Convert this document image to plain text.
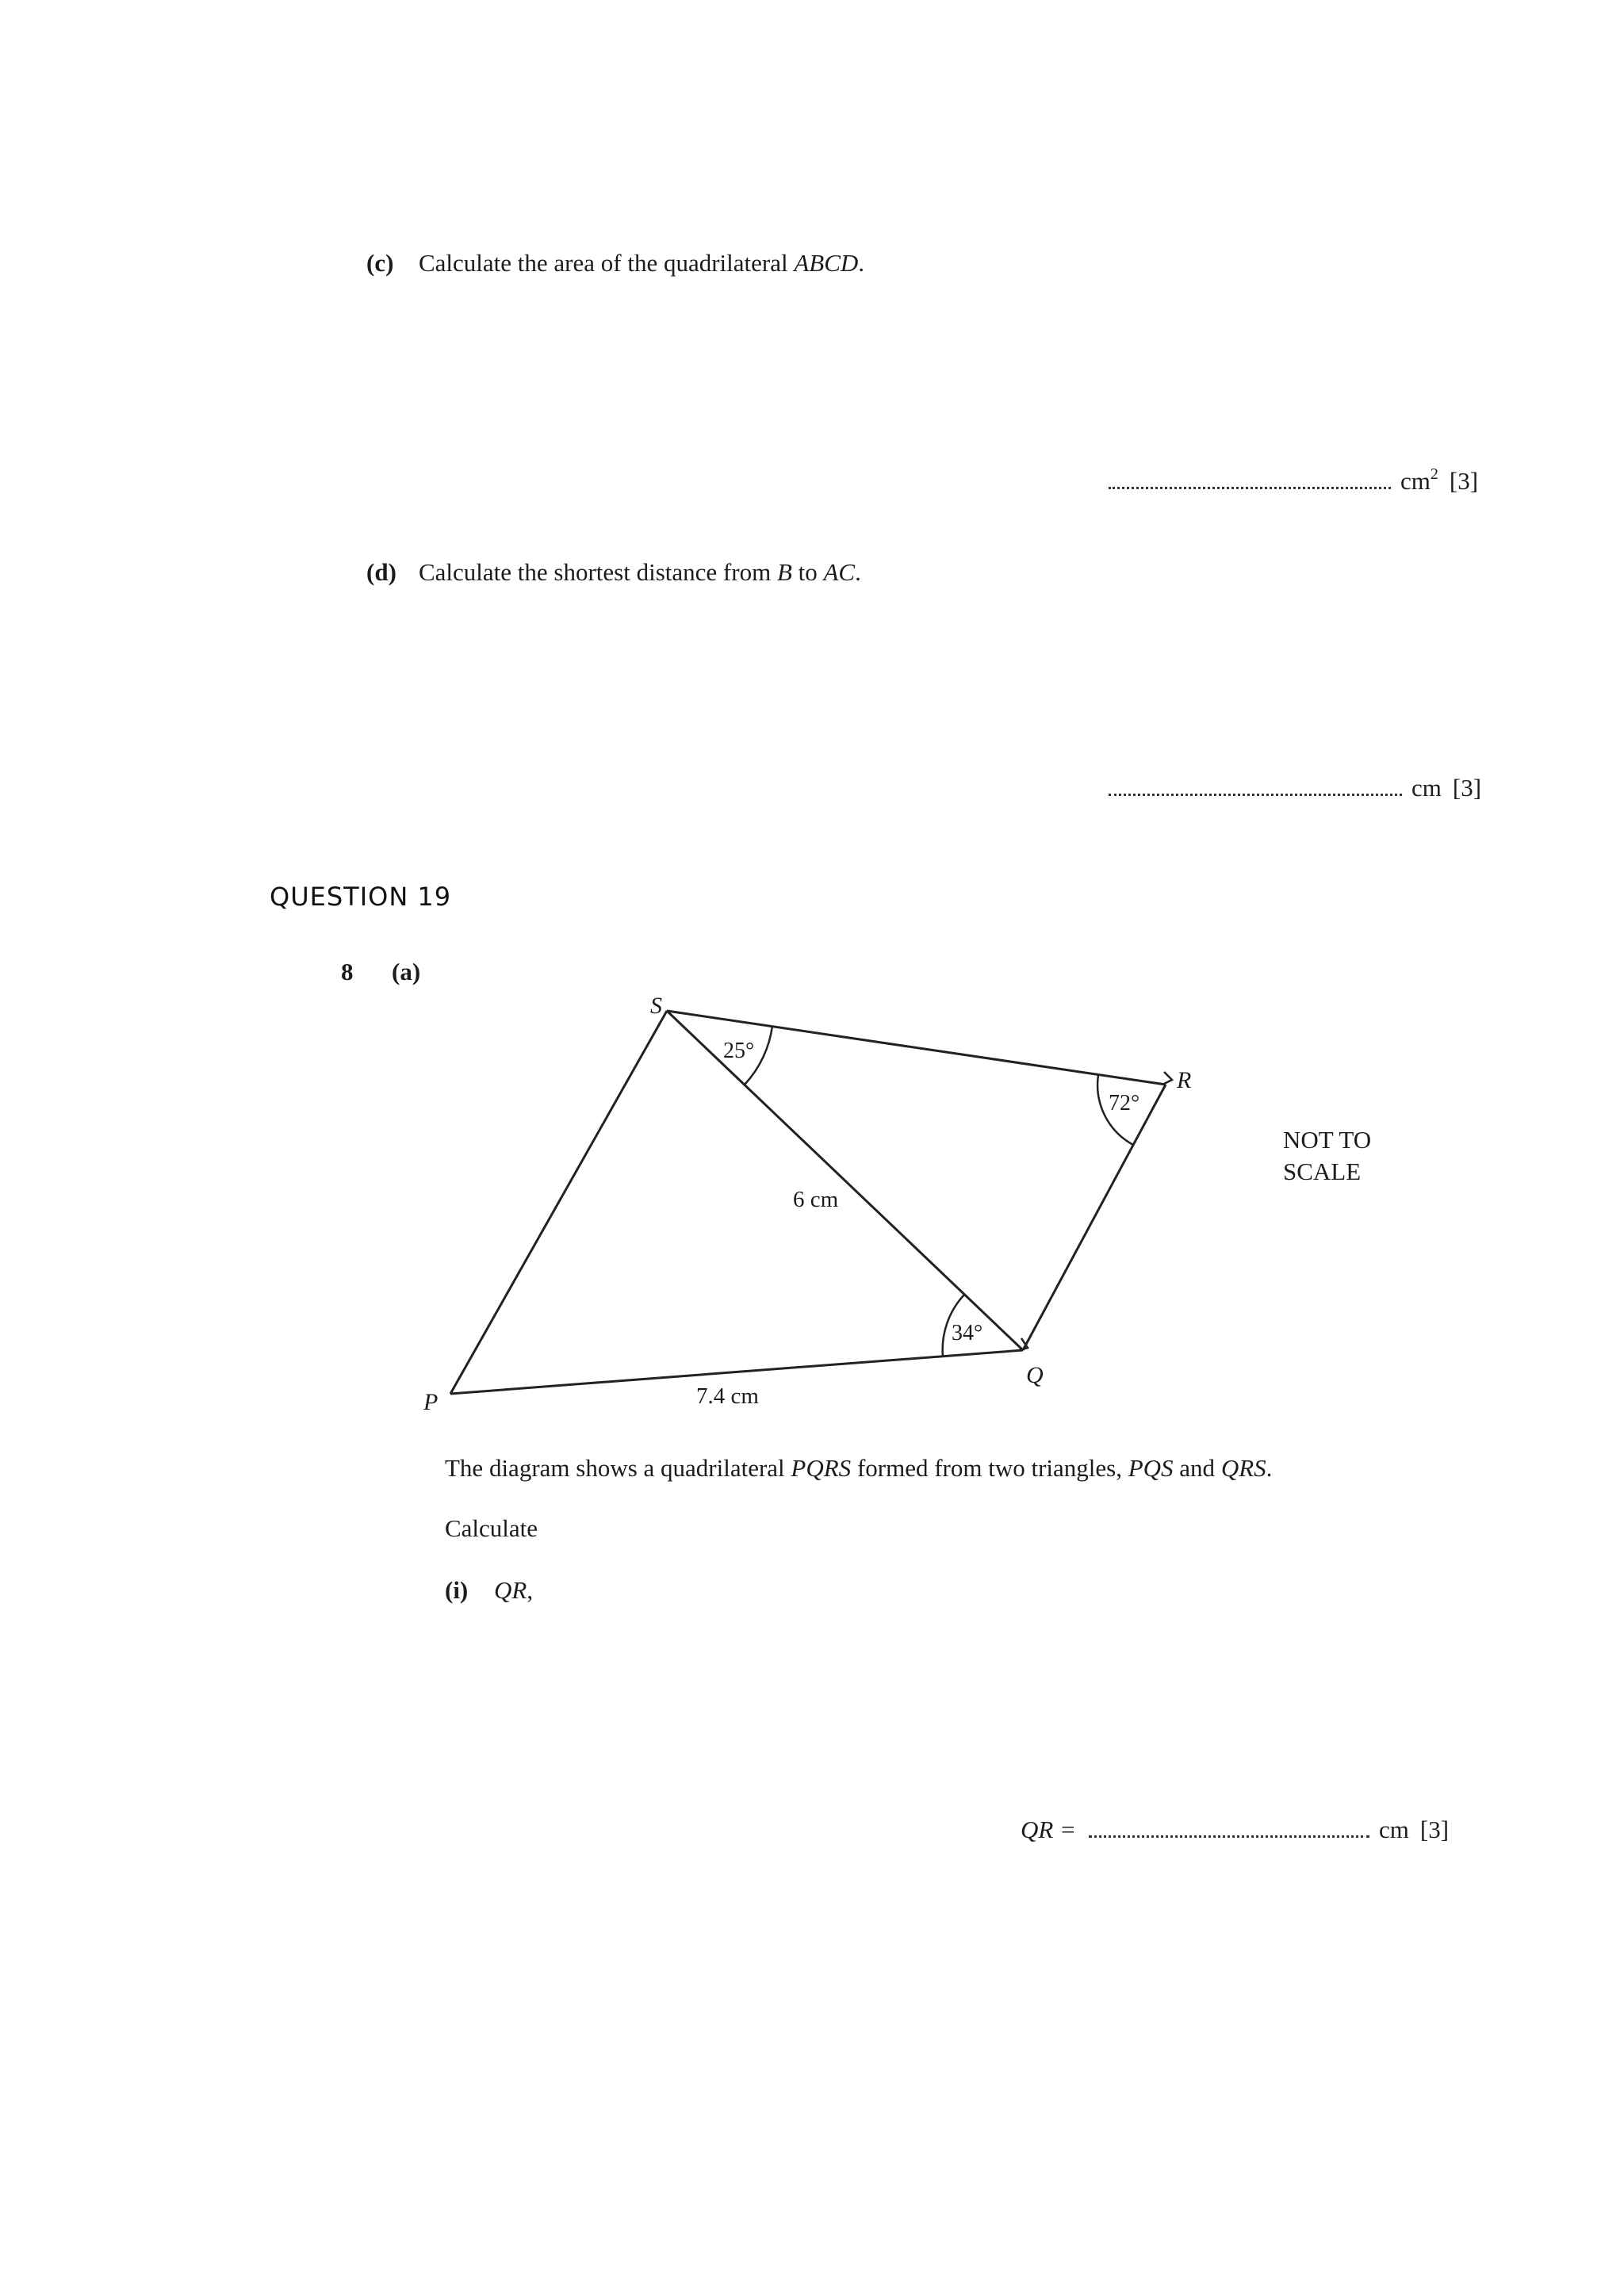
(c) Calculate the area of the quadrilateral ABCD.
$cm^2$ [3]
(d) Calculate the shortest distance from B to AC.
cm [3]
QUESTION 19
8 (a)
S
R
Q
P
25°
72°
34°
6 cm
7.4 cm
NOT TO
SCALE
The diagram shows a quadrilateral PQRS formed from two triangles, PQS and QRS.
Calculate
(i) QR,
QR =	cm [3]
